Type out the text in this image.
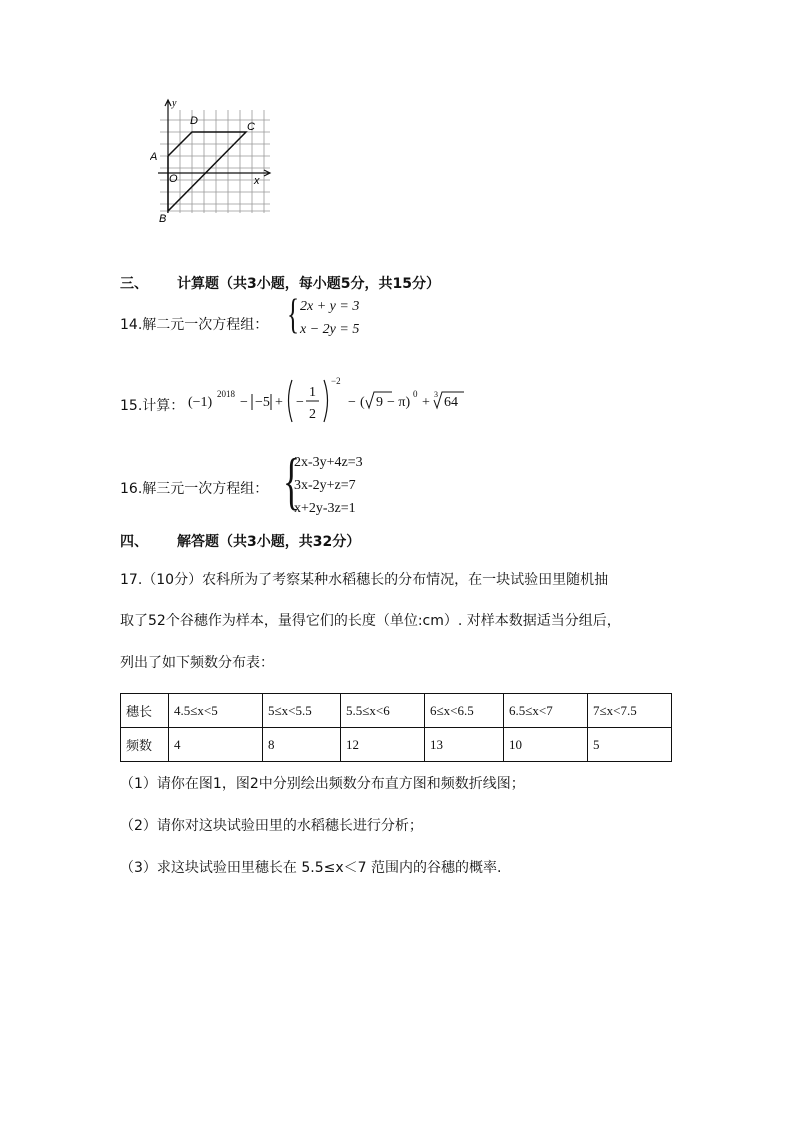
y
x
O
A
B
C
D
三、 计算题（共3小题，每小题5分，共15分）
14.解二元一次方程组： { 2x + y = 3
x − 2y = 5
15.计算： (−1)
2018
− −5 + −
1
2
−2
− ( 9 − π)
0
+
3
64
16.解三元一次方程组： {
2x-3y+4z=3
3x-2y+z=7
x+2y-3z=1
四、 解答题（共3小题，共32分）
17.（10分）农科所为了考察某种水稻穗长的分布情况，在一块试验田里随机抽
取了52个谷穗作为样本，量得它们的长度（单位:cm）. 对样本数据适当分组后，
列出了如下频数分布表：
穗长	4.5≤x<5	5≤x<5.5	5.5≤x<6	6≤x<6.5	6.5≤x<7	7≤x<7.5
频数	4	8	12	13	10	5
（1）请你在图1，图2中分别绘出频数分布直方图和频数折线图；
（2）请你对这块试验田里的水稻穗长进行分析；
（3）求这块试验田里穗长在 5.5≤x＜7 范围内的谷穗的概率.
